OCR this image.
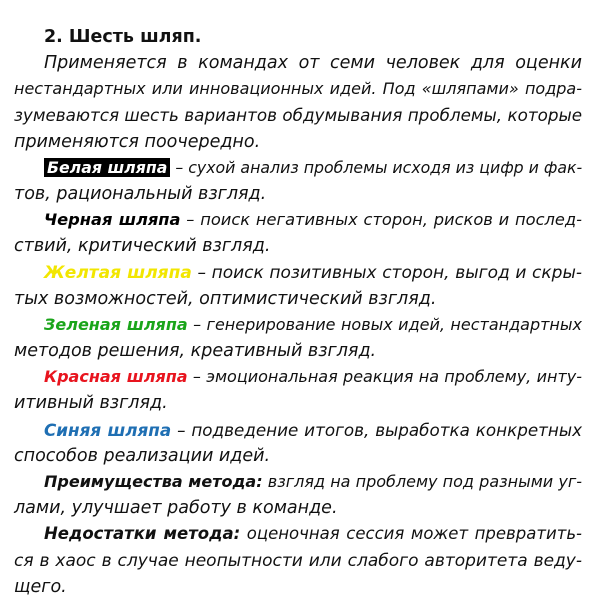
2. Шесть шляп.
Применяется в командах от семи человек для оценки
нестандартных или инновационных идей. Под «шляпами» подра-
зумеваются шесть вариантов обдумывания проблемы, которые
применяются поочередно.
Белая шляпа – сухой анализ проблемы исходя из цифр и фак-
тов, рациональный взгляд.
Черная шляпа – поиск негативных сторон, рисков и послед-
ствий, критический взгляд.
Желтая шляпа – поиск позитивных сторон, выгод и скры-
тых возможностей, оптимистический взгляд.
Зеленая шляпа – генерирование новых идей, нестандартных
методов решения, креативный взгляд.
Красная шляпа – эмоциональная реакция на проблему, инту-
итивный взгляд.
Синяя шляпа – подведение итогов, выработка конкретных
способов реализации идей.
Преимущества метода: взгляд на проблему под разными уг-
лами, улучшает работу в команде.
Недостатки метода: оценочная сессия может превратить-
ся в хаос в случае неопытности или слабого авторитета веду-
щего.
